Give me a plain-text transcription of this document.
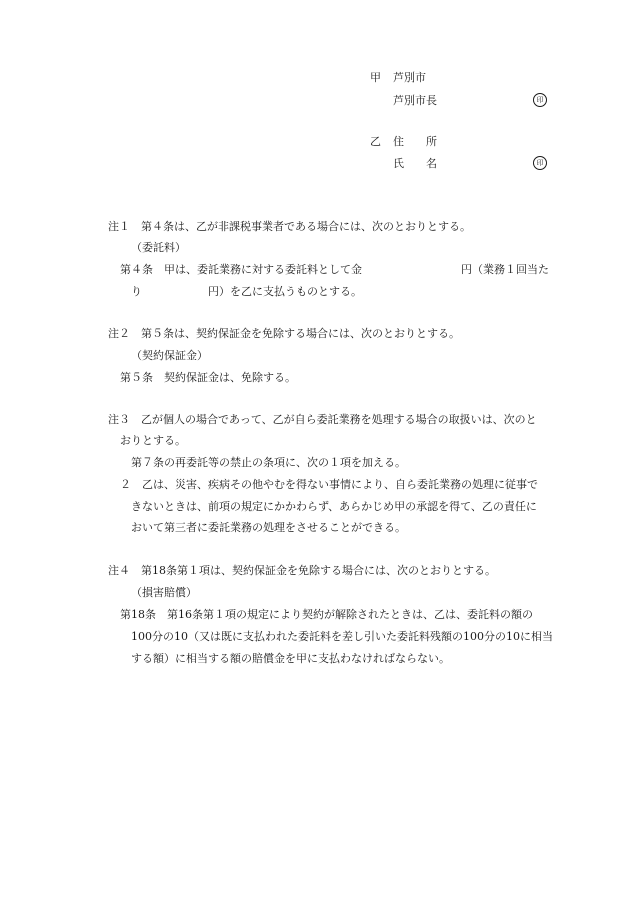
甲 芦別市
芦別市長	印
乙 住　　所
氏　　名	印
注１　第４条は、乙が非課税事業者である場合には、次のとおりとする。
（委託料）
第４条　甲は、委託業務に対する委託料として金　　　　　　　　　円（業務１回当た
り　　　　　　円）を乙に支払うものとする。
注２　第５条は、契約保証金を免除する場合には、次のとおりとする。
（契約保証金）
第５条　契約保証金は、免除する。
注３　乙が個人の場合であって、乙が自ら委託業務を処理する場合の取扱いは、次のと
おりとする。
第７条の再委託等の禁止の条項に、次の１項を加える。
２　乙は、災害、疾病その他やむを得ない事情により、自ら委託業務の処理に従事で
きないときは、前項の規定にかかわらず、あらかじめ甲の承認を得て、乙の責任に
おいて第三者に委託業務の処理をさせることができる。
注４　第18条第１項は、契約保証金を免除する場合には、次のとおりとする。
（損害賠償）
第18条　第16条第１項の規定により契約が解除されたときは、乙は、委託料の額の
100分の10（又は既に支払われた委託料を差し引いた委託料残額の100分の10に相当
する額）に相当する額の賠償金を甲に支払わなければならない。
